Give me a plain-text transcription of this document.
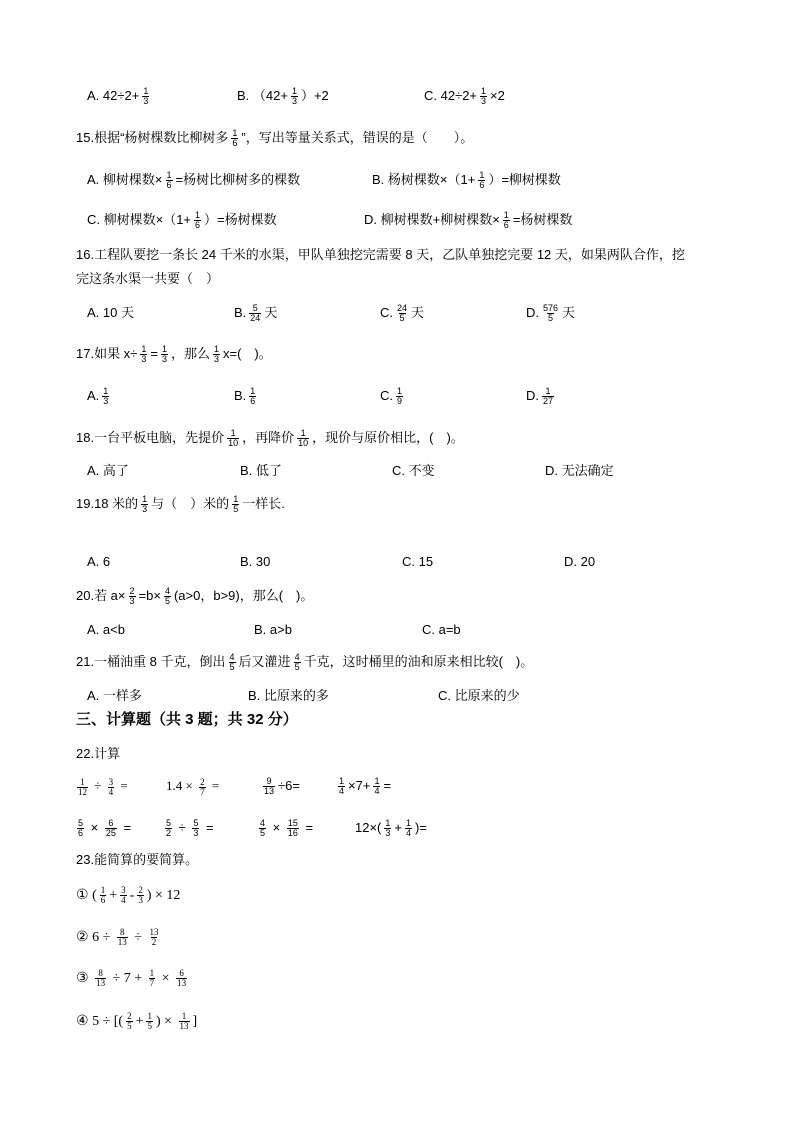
A. $42\div 2+ \frac{1}{3}$	B. $(42+ \frac{1}{3} )+2$	C. $42\div 2+ \frac{1}{3} \times 2$
15.根据“杨树棵数比柳树多 $\frac{1}{6}$ ”，写出等量关系式，错误的是（　　）。
A. 柳树棵数× $\frac{1}{6}$ =杨树比柳树多的棵数	B. 杨树棵数$\times(1+ \frac{1}{6}$ ）=柳树棵数
C. 柳树棵数$\times(1+ \frac{1}{6}$ ）=杨树棵数	D. 柳树棵数+柳树棵数× $\frac{1}{6}$ =杨树棵数
16.工程队要挖一条长 24 千米的水渠，甲队单独挖完需要 8 天，乙队单独挖完要 12 天，如果两队合作，挖
完这条水渠一共要（　）
A. 10 天	B. $\frac{5}{24}$ 天	C. $\frac{24}{5}$ 天	D. $\frac{576}{5}$ 天
17.如果 $x\div \frac{1}{3} = \frac{1}{3}$ ，那么 $\frac{1}{3} x=$(　)。
A. $\frac{1}{3}$	B. $\frac{1}{6}$	C. $\frac{1}{9}$	D. $\frac{1}{27}$
18.一台平板电脑，先提价 $\frac{1}{10}$ ，再降价 $\frac{1}{10}$ ，现价与原价相比，(　)。
A. 高了	B. 低了	C. 不变	D. 无法确定
19.18 米的 $\frac{1}{3}$ 与（　）米的 $\frac{1}{5}$ 一样长.
A. 6	B. 30	C. 15	D. 20
20.若 $a\times \frac{2}{3} =b\times \frac{4}{5} (a>0$，b>9)，那么(　)。
A. a<b	B. a>b	C. a=b
21.一桶油重 8 千克，倒出 $\frac{4}{5}$ 后又灌进 $\frac{4}{5}$ 千克，这时桶里的油和原来相比较(　)。
A. 一样多	B. 比原来的多	C. 比原来的少
三、计算题（共 3 题；共 32 分）
22.计算
$\frac{1}{12} \div \frac{3}{4}$ =	$1.4 \times \frac{2}{7}$ =	$\frac{9}{13} \div 6=$	$\frac{1}{4} \times 7+ \frac{1}{4}$ =
$\frac{5}{6} \times \frac{6}{25}$ =	$\frac{5}{2} \div \frac{5}{3}$ =	$\frac{4}{5} \times \frac{15}{16}$ =	$12\times( \frac{1}{3} + \frac{1}{4}$ )=
23.能简算的要简算。
① ( $\frac{1}{6} + \frac{3}{4} - \frac{2}{3}$ ) × 12
② $6 \div \frac{8}{13} \div \frac{13}{2}$
③ $\frac{8}{13} \div 7 + \frac{1}{7} \times \frac{6}{13}$
④ 5 ÷ [( $\frac{2}{5} + \frac{1}{5}$ ) × $\frac{1}{13}$ ]
